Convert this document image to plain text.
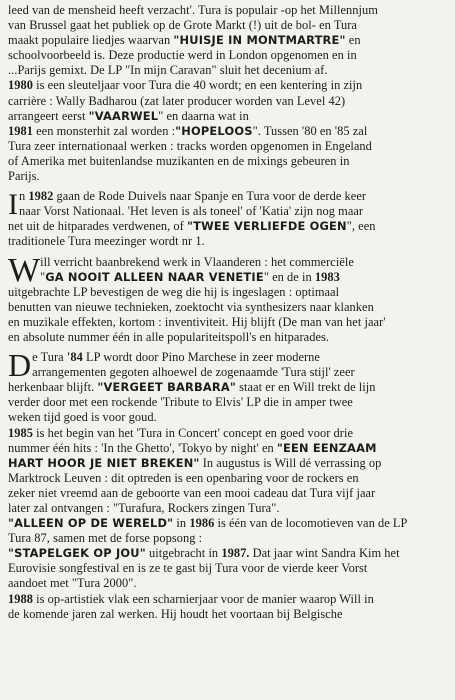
leed van de mensheid heeft verzacht'. Tura is populair -op het Millennjum
van Brussel gaat het publiek op de Grote Markt (!) uit de bol- en Tura
maakt populaire liedjes waarvan "HUISJE IN MONTMARTRE" en
schoolvoorbeeld is. Deze productie werd in London opgenomen en in
...Parijs gemixt. De LP "In mijn Caravan" sluit het decenium af.
1980 is een sleuteljaar voor Tura die 40 wordt; en een kentering in zijn
carrière : Wally Badharou (zat later producer worden van Level 42)
arrangeert eerst "VAARWEL" en daarna wat in
1981 een monsterhit zal worden :"HOPELOOS". Tussen '80 en '85 zal
Tura zeer internationaal werken : tracks worden opgenomen in Engeland
of Amerika met buitenlandse muzikanten en de mixings gebeuren in
Parijs.
I n 1982 gaan de Rode Duivels naar Spanje en Tura voor de derde keer
naar Vorst Nationaal. 'Het leven is als toneel' of 'Katia' zijn nog maar
net uit de hitparades verdwenen, of "TWEE VERLIEFDE OGEN", een
traditionele Tura meezinger wordt nr 1.
W ill verricht baanbrekend werk in Vlaanderen : het commerciële
"GA NOOIT ALLEEN NAAR VENETIE" en de in 1983
uitgebrachte LP bevestigen de weg die hij is ingeslagen : optimaal
benutten van nieuwe technieken, zoektocht via synthesizers naar klanken
en muzikale effekten, kortom : inventiviteit. Hij blijft (De man van het jaar'
en absolute nummer één in alle populariteitspoll's en hitparades.
D e Tura '84 LP wordt door Pino Marchese in zeer moderne
arrangementen gegoten alhoewel de zogenaamde 'Tura stijl' zeer
herkenbaar blijft. "VERGEET BARBARA" staat er en Will trekt de lijn
verder door met een rockende 'Tribute to Elvis' LP die in amper twee
weken tijd goed is voor goud.
1985 is het begin van het 'Tura in Concert' concept en goed voor drie
nummer één hits : 'In the Ghetto', 'Tokyo by night' en "EEN EENZAAM
HART HOOR JE NIET BREKEN" In augustus is Will dé verrassing op
Marktrock Leuven : dit optreden is een openbaring voor de rockers en
zeker niet vreemd aan de geboorte van een mooi cadeau dat Tura vijf jaar
later zal ontvangen : "Turafura, Rockers zingen Tura".
"ALLEEN OP DE WERELD" in 1986 is één van de locomotieven van de LP
Tura 87, samen met de forse popsong :
"STAPELGEK OP JOU" uitgebracht in 1987. Dat jaar wint Sandra Kim het
Eurovisie songfestival en is ze te gast bij Tura voor de vierde keer Vorst
aandoet met "Tura 2000".
1988 is op-artistiek vlak een scharnierjaar voor de manier waarop Will in
de komende jaren zal werken. Hij houdt het voortaan bij Belgische
